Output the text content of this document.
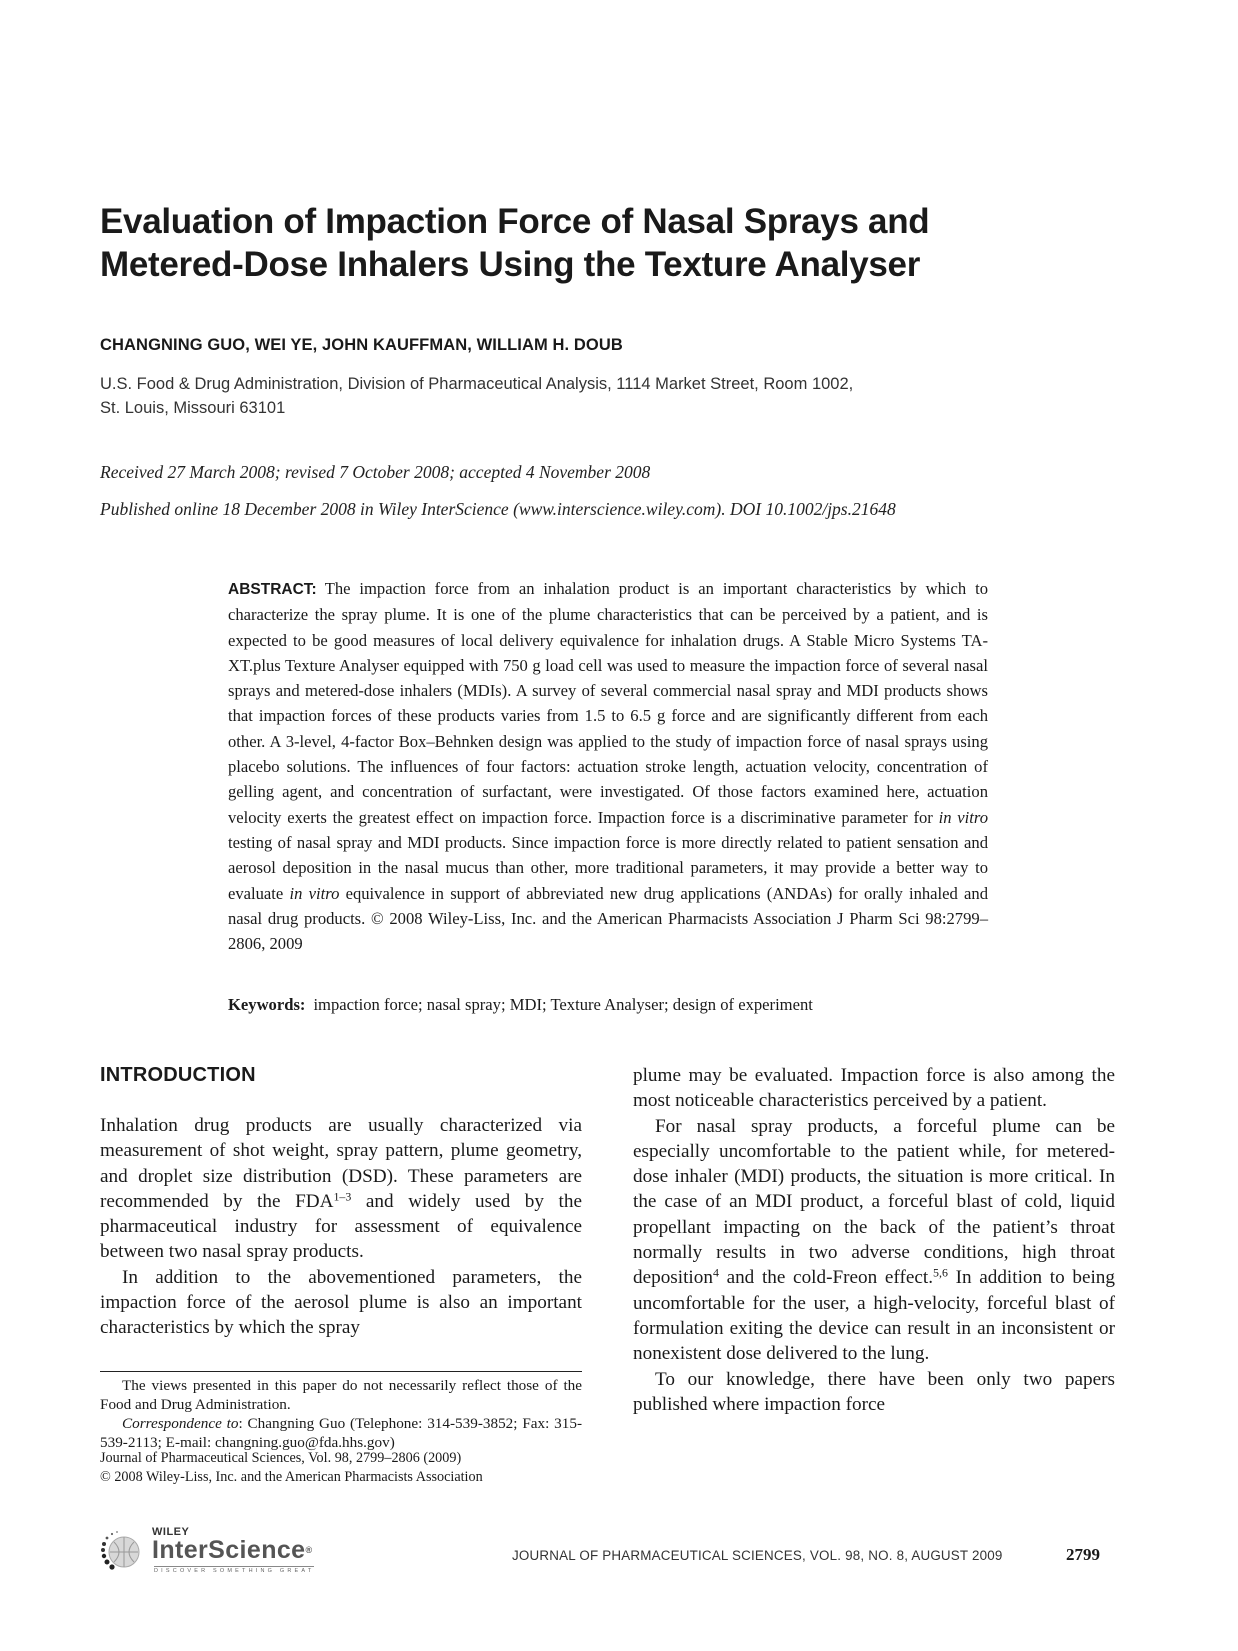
Evaluation of Impaction Force of Nasal Sprays and
Metered-Dose Inhalers Using the Texture Analyser
CHANGNING GUO, WEI YE, JOHN KAUFFMAN, WILLIAM H. DOUB
U.S. Food & Drug Administration, Division of Pharmaceutical Analysis, 1114 Market Street, Room 1002,
St. Louis, Missouri 63101
Received 27 March 2008; revised 7 October 2008; accepted 4 November 2008
Published online 18 December 2008 in Wiley InterScience (www.interscience.wiley.com). DOI 10.1002/jps.21648
ABSTRACT: The impaction force from an inhalation product is an important characteristics by which to characterize the spray plume. It is one of the plume characteristics that can be perceived by a patient, and is expected to be good measures of local delivery equivalence for inhalation drugs. A Stable Micro Systems TA-XT.plus Texture Analyser equipped with 750 g load cell was used to measure the impaction force of several nasal sprays and metered-dose inhalers (MDIs). A survey of several commercial nasal spray and MDI products shows that impaction forces of these products varies from 1.5 to 6.5 g force and are significantly different from each other. A 3-level, 4-factor Box–Behnken design was applied to the study of impaction force of nasal sprays using placebo solutions. The influences of four factors: actuation stroke length, actuation velocity, concentration of gelling agent, and concentration of surfactant, were investigated. Of those factors examined here, actuation velocity exerts the greatest effect on impaction force. Impaction force is a discriminative parameter for in vitro testing of nasal spray and MDI products. Since impaction force is more directly related to patient sensation and aerosol deposition in the nasal mucus than other, more traditional parameters, it may provide a better way to evaluate in vitro equivalence in support of abbreviated new drug applications (ANDAs) for orally inhaled and nasal drug products. © 2008 Wiley-Liss, Inc. and the American Pharmacists Association J Pharm Sci 98:2799–2806, 2009
Keywords: impaction force; nasal spray; MDI; Texture Analyser; design of experiment
INTRODUCTION

Inhalation drug products are usually characterized via measurement of shot weight, spray pattern, plume geometry, and droplet size distribution (DSD). These parameters are recommended by the FDA$^{1-3}$ and widely used by the pharmaceutical industry for assessment of equivalence between two nasal spray products.

In addition to the abovementioned parameters, the impaction force of the aerosol plume is also an important characteristics by which the spray

plume may be evaluated. Impaction force is also among the most noticeable characteristics perceived by a patient.

For nasal spray products, a forceful plume can be especially uncomfortable to the patient while, for metered-dose inhaler (MDI) products, the situation is more critical. In the case of an MDI product, a forceful blast of cold, liquid propellant impacting on the back of the patient’s throat normally results in two adverse conditions, high throat deposition$^4$ and the cold-Freon effect.$^{5,6}$ In addition to being uncomfortable for the user, a high-velocity, forceful blast of formulation exiting the device can result in an inconsistent or nonexistent dose delivered to the lung.

To our knowledge, there have been only two papers published where impaction force

The views presented in this paper do not necessarily reflect those of the Food and Drug Administration.

Correspondence to: Changning Guo (Telephone: 314-539-3852; Fax: 315-539-2113; E-mail: changning.guo@fda.hhs.gov)

Journal of Pharmaceutical Sciences, Vol. 98, 2799–2806 (2009)

© 2008 Wiley-Liss, Inc. and the American Pharmacists Association

WILEY
InterScience®
DISCOVER SOMETHING GREAT
JOURNAL OF PHARMACEUTICAL SCIENCES, VOL. 98, NO. 8, AUGUST 2009	2799
